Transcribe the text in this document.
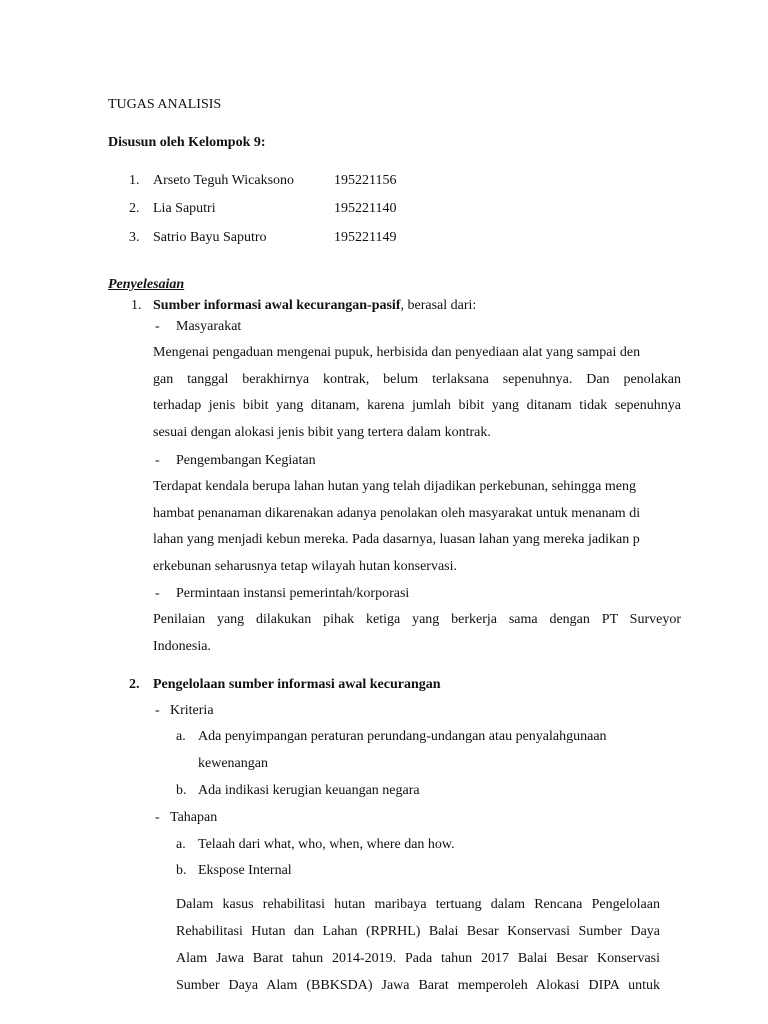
TUGAS ANALISIS
Disusun oleh Kelompok 9:
1. Arseto Teguh Wicaksono	195221156
2. Lia Saputri	195221140
3. Satrio Bayu Saputro	195221149
Penyelesaian
1. Sumber informasi awal kecurangan-pasif, berasal dari:
- Masyarakat
Mengenai pengaduan mengenai pupuk, herbisida dan penyediaan alat yang sampai den
gan tanggal berakhirnya kontrak, belum terlaksana sepenuhnya. Dan penolakan
terhadap jenis bibit yang ditanam, karena jumlah bibit yang ditanam tidak sepenuhnya
sesuai dengan alokasi jenis bibit yang tertera dalam kontrak.
- Pengembangan Kegiatan
Terdapat kendala berupa lahan hutan yang telah dijadikan perkebunan, sehingga meng
hambat penanaman dikarenakan adanya penolakan oleh masyarakat untuk menanam di
lahan yang menjadi kebun mereka. Pada dasarnya, luasan lahan yang mereka jadikan p
erkebunan seharusnya tetap wilayah hutan konservasi.
- Permintaan instansi pemerintah/korporasi
Penilaian yang dilakukan pihak ketiga yang berkerja sama dengan PT Surveyor
Indonesia.
2. Pengelolaan sumber informasi awal kecurangan
- Kriteria
a. Ada penyimpangan peraturan perundang-undangan atau penyalahgunaan
kewenangan
b. Ada indikasi kerugian keuangan negara
- Tahapan
a. Telaah dari what, who, when, where dan how.
b. Ekspose Internal
Dalam kasus rehabilitasi hutan maribaya tertuang dalam Rencana Pengelolaan
Rehabilitasi Hutan dan Lahan (RPRHL) Balai Besar Konservasi Sumber Daya
Alam Jawa Barat tahun 2014-2019. Pada tahun 2017 Balai Besar Konservasi
Sumber Daya Alam (BBKSDA) Jawa Barat memperoleh Alokasi DIPA untuk
